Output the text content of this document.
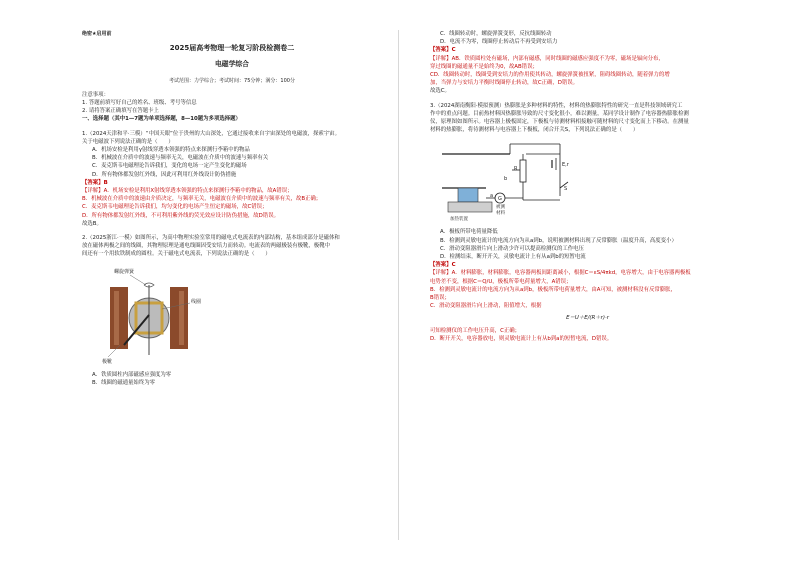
绝密★启用前
2025届高考物理一轮复习阶段检测卷二
电磁学综合
考试范围：力学综合；考试时间：75分钟；满分：100分

注意事项：

1. 答题前填写好自己的姓名、班级、考号等信息

2. 请将答案正确填写在答题卡上

一、选择题（其中1—7题为单项选择题，8—10题为多项选择题）

1.（2024天津和平·三模）“中国天眼”位于贵州的大山深处，它通过接收来自宇宙深处的电磁波，探索宇宙。

关于电磁波下列说法正确的是（　　）

A．机场安检是利用γ射线穿透本领强的特点来探测行李箱中的物品

B．机械波在介质中的波速与频率无关，电磁波在介质中的波速与频率有关

C．麦克斯韦电磁理论告诉我们，变化的电场一定产生变化的磁场

D．所有物体都发射红外线，因此可利用红外线设计防伪措施

【答案】B

【详解】A．机场安检是利用X射线穿透本领强的特点来探测行李箱中的物品，故A错误；

B．机械波在介质中的波速由介质决定，与频率无关，电磁波在介质中的波速与频率有关，故B正确；

C．麦克斯韦电磁理论告诉我们，均匀变化的电场产生恒定的磁场，故C错误；

D．所有物体都发射红外线，不可利用紫外线的荧光效应设计防伪措施，故D错误。

故选B。

2.（2025浙江·一模）如图所示，为高中物理实验室常用的磁电式电流表的内部结构，基本组成部分是磁体和

放在磁体两极之间的线圈，其物理原理是通电线圈因受安培力而转动。电流表的两磁极装有极靴，极靴中

间还有一个用软铁制成的圆柱。关于磁电式电流表，下列说法正确的是（　　）

螺旋弹簧
线圈
极靴

A．铁质圆柱内部磁感应强度为零

B．线圈的磁通量始终为零

C．线圈转动时，螺旋弹簧变形，反抗线圈转动

D．电流不为零，线圈停止转动后不再受到安培力

【答案】C

【详解】AB．铁质圆柱处有磁场，内部有磁感，同时线圈的磁感应强度不为零，磁场是辐向分布，

穿过线圈的磁通量不是始终为0，故AB错误；

CD．线圈转动时，线圈受到安培力的作用使其转动，螺旋弹簧被扭紧，阻碍线圈转动，随着弹力的增

加，当弹力与安培力平衡时线圈停止转动，故C正确，D错误。

故选C。

3.（2024湖南衡阳·模拟预测）热膨胀是多种材料的特性，材料的热膨胀特性的研究一直是科技领域研究工

作中的重点问题。目前热材料因热膨胀导致的尺寸变化很小，难以测量，某同学设计制作了电容器热膨胀检测

仪，原理图如图所示。电容器上极板固定，下极板与待测材料相接触可随材料的尺寸变化而上下移动。在测量

材料的热膨胀，将待测材料与电容器上下极板，闭合开关S，下列说法正确的是（　　）

R
E,r
S
b
G
a
被测
材料
加热装置

A．极板所带电荷量降低

B．检测到灵敏电流计的电流方向为从a到b，说明被测材料出现了反常膨胀（温度升高，高度变小）

C．滑动变阻器滑片向上滑动少许可以提高检测仪的工作电压

D．检测结束，断开开关，灵敏电流计上有从a到b的短暂电流

【答案】C

【详解】A．材料膨胀，材料膨胀，电容器两板间距离减小，根据C＝εS/4πkd，电容增大，由于电容器两极板

电势差不变，根据C＝Q/U，极板所带电荷量增大，A错误；

B．检测到灵敏电流计的电流方向为从a到b，极板所带电荷量增大，由A可知，被测材料没有反常膨胀，

B错误；

C．滑动变阻器滑片向上滑动，阻值增大，根据

E＝U＋E/(R＋r)·r

可知检测仪的工作电压升高，C正确；

D．断开开关，电容器放电，则灵敏电流计上有从b到a的短暂电流，D错误。
